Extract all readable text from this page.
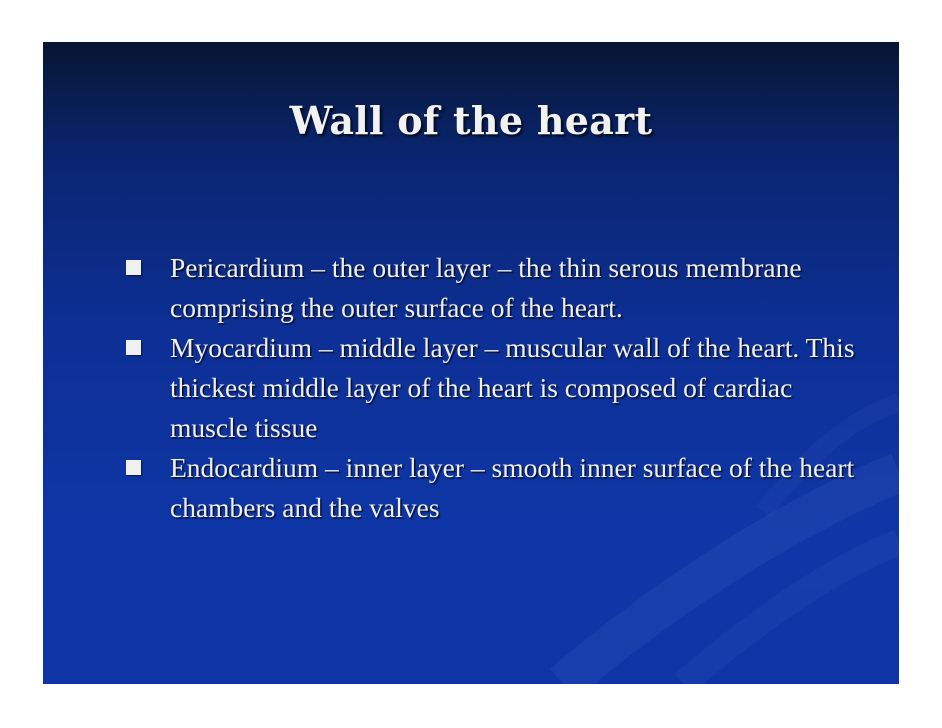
Wall of the heart
Pericardium – the outer layer – the thin serous membrane comprising the outer surface of the heart.
Myocardium – middle layer – muscular wall of the heart. This thickest middle layer of the heart is composed of cardiac muscle tissue
Endocardium – inner layer – smooth inner surface of the heart chambers and the valves
